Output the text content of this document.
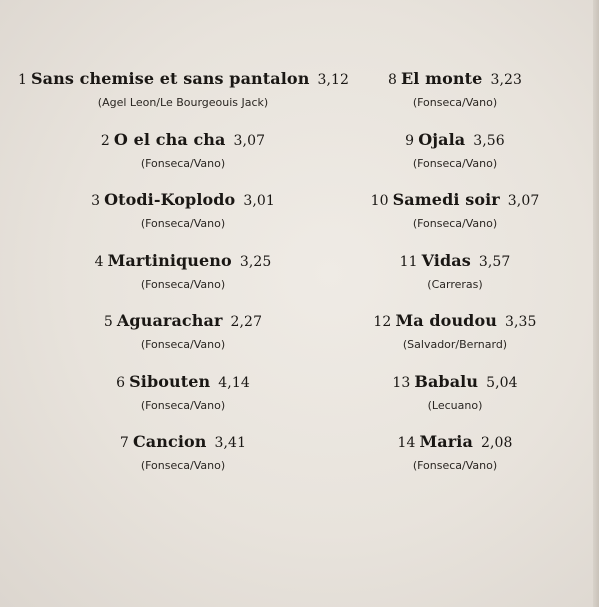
1 Sans chemise et sans pantalon 3,12
(Agel Leon/Le Bourgeouis Jack)
2 O el cha cha 3,07
(Fonseca/Vano)
3 Otodi-Koplodo 3,01
(Fonseca/Vano)
4 Martiniqueno 3,25
(Fonseca/Vano)
5 Aguarachar 2,27
(Fonseca/Vano)
6 Sibouten 4,14
(Fonseca/Vano)
7 Cancion 3,41
(Fonseca/Vano)
8 El monte 3,23
(Fonseca/Vano)
9 Ojala 3,56
(Fonseca/Vano)
10 Samedi soir 3,07
(Fonseca/Vano)
11 Vidas 3,57
(Carreras)
12 Ma doudou 3,35
(Salvador/Bernard)
13 Babalu 5,04
(Lecuano)
14 Maria 2,08
(Fonseca/Vano)
